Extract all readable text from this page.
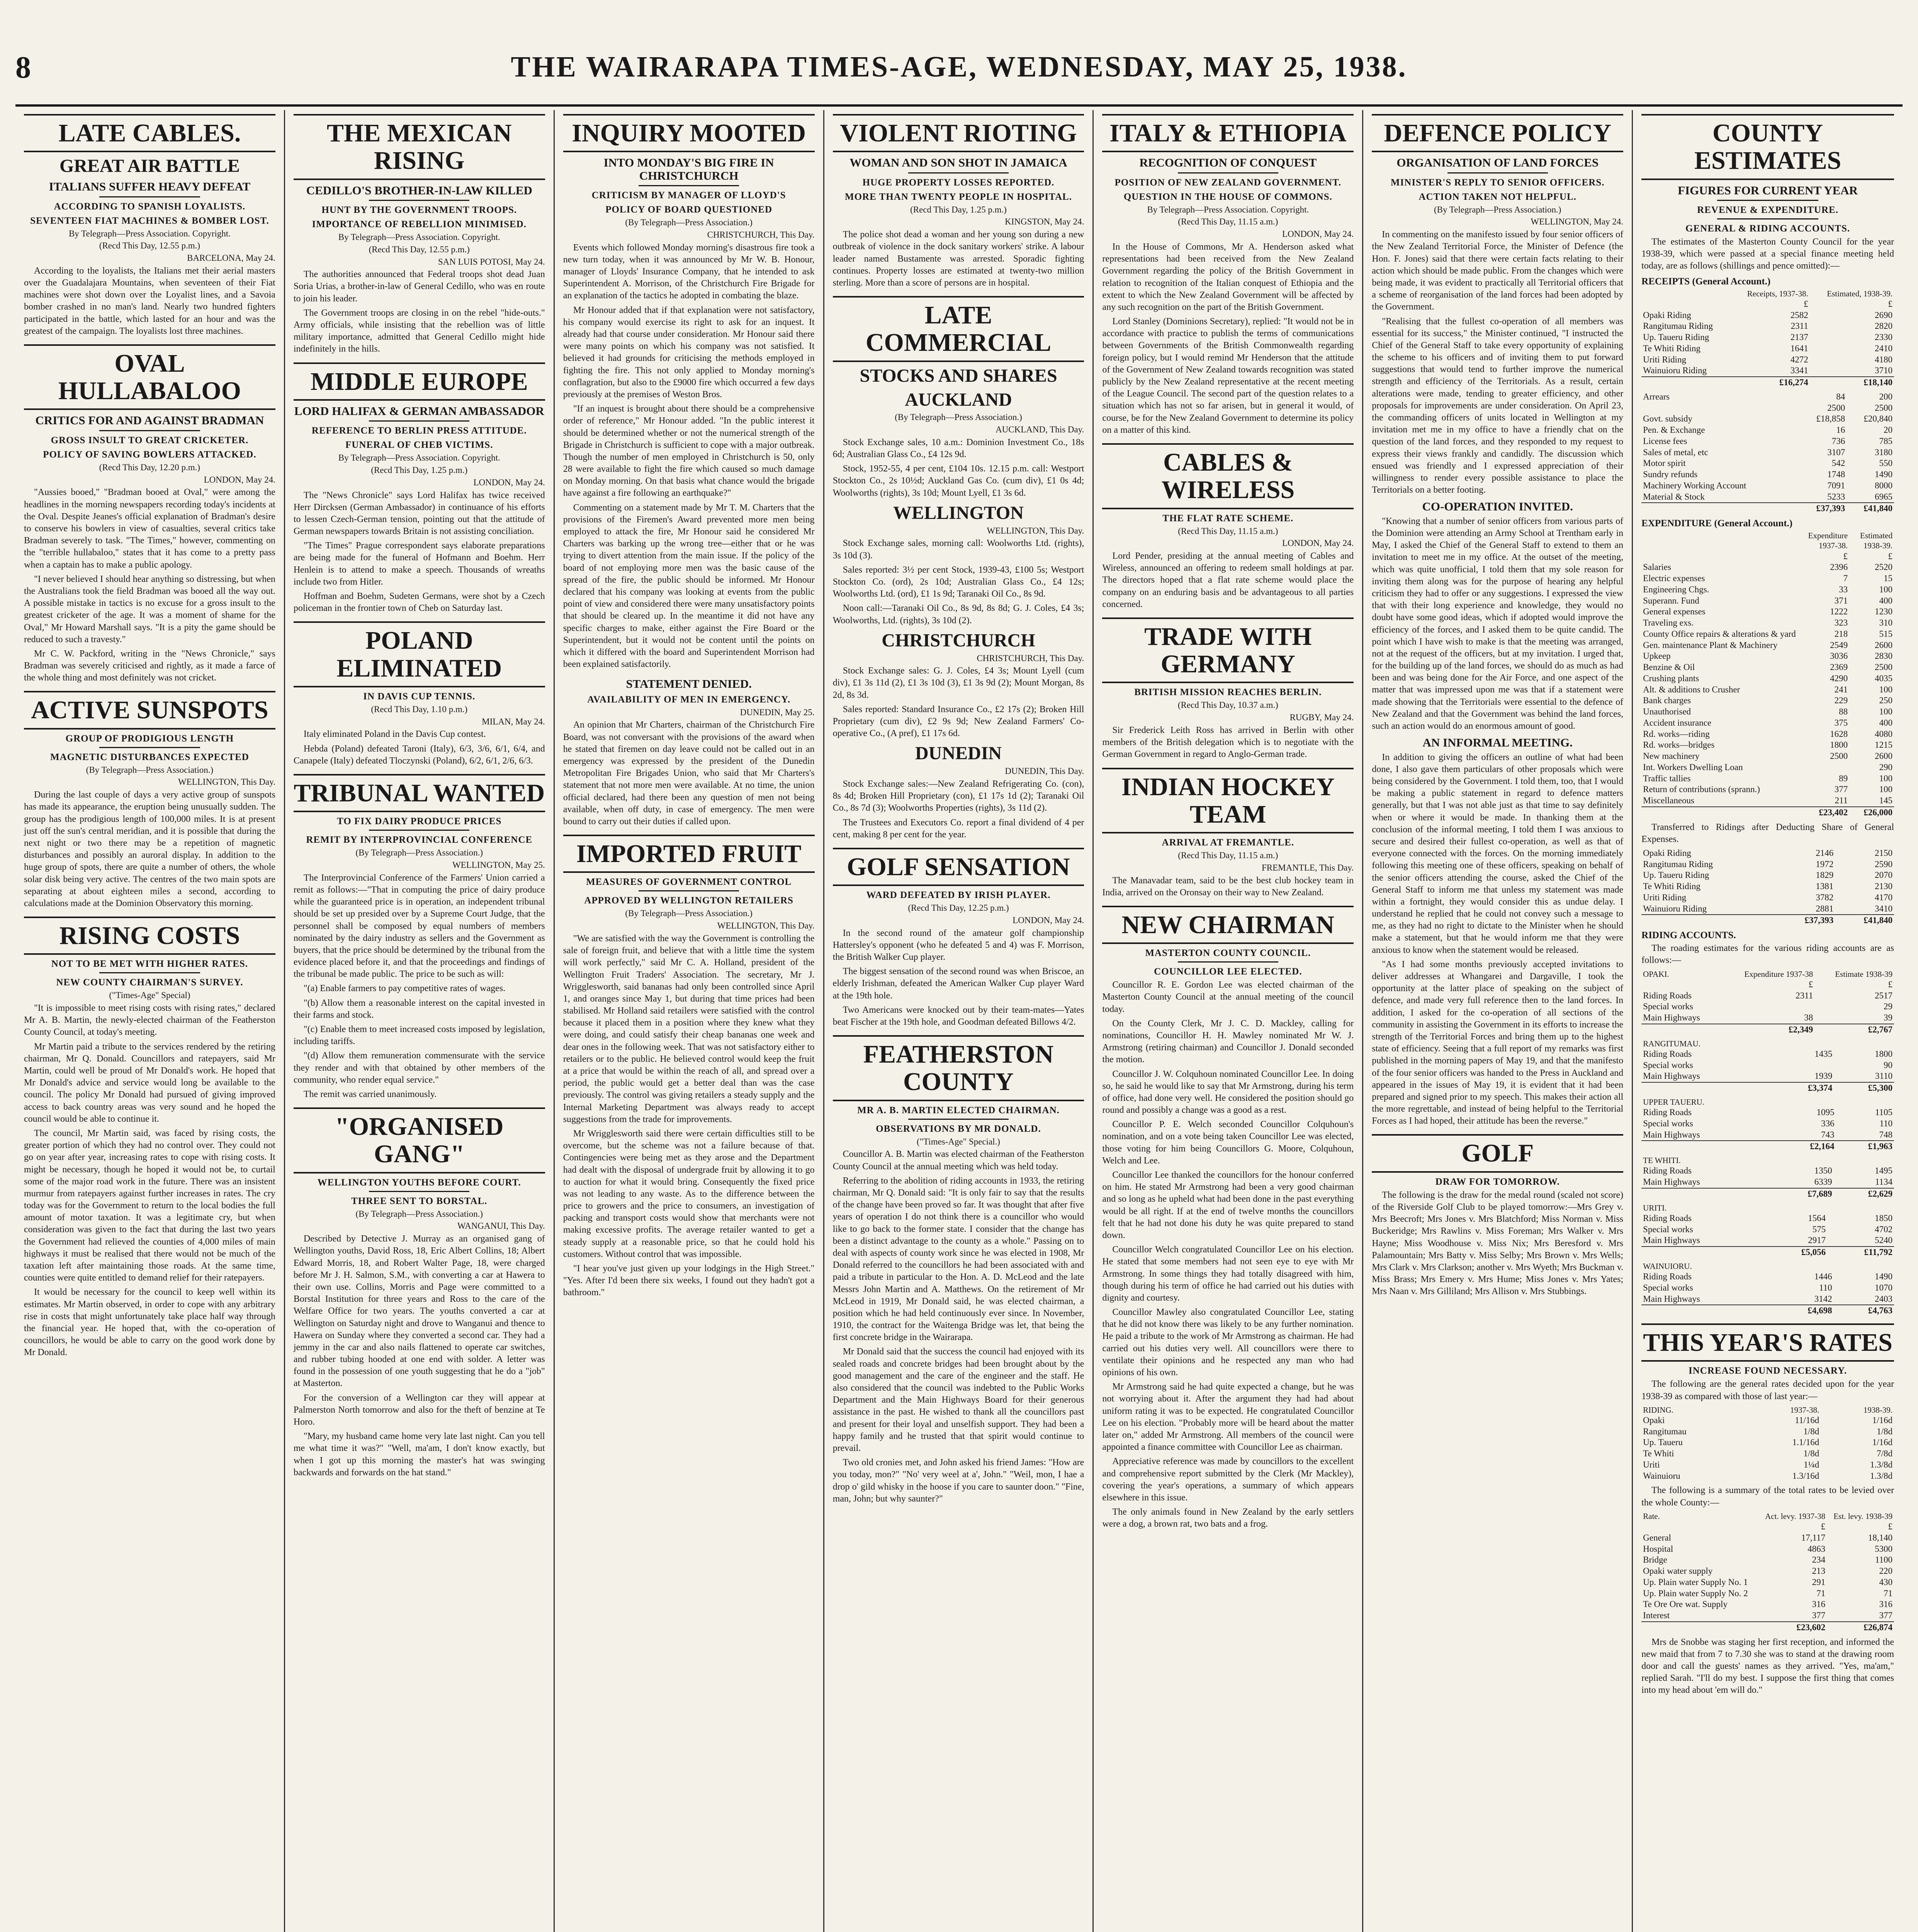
8	THE WAIRARAPA TIMES-AGE, WEDNESDAY, MAY 25, 1938.
LATE CABLES.
GREAT AIR BATTLE
ITALIANS SUFFER HEAVY DEFEAT
ACCORDING TO SPANISH LOYALISTS.
SEVENTEEN FIAT MACHINES & BOMBER LOST.
By Telegraph—Press Association. Copyright.
(Recd This Day, 12.55 p.m.)
BARCELONA, May 24.
According to the loyalists, the Italians met their aerial masters over the Guadalajara Mountains, when seventeen of their Fiat machines were shot down over the Loyalist lines, and a Savoia bomber crashed in no man's land. Nearly two hundred fighters participated in the battle, which lasted for an hour and was the greatest of the campaign. The loyalists lost three machines.
OVAL HULLABALOO
CRITICS FOR AND AGAINST BRADMAN
GROSS INSULT TO GREAT CRICKETER.
POLICY OF SAVING BOWLERS ATTACKED.
(Recd This Day, 12.20 p.m.)
LONDON, May 24.
"Aussies booed," "Bradman booed at Oval," were among the headlines in the morning newspapers recording today's incidents at the Oval. Despite Jeanes's official explanation of Bradman's desire to conserve his bowlers in view of casualties, several critics take Bradman severely to task. "The Times," however, commenting on the "terrible hullabaloo," states that it has come to a pretty pass when a captain has to make a public apology.
"I never believed I should hear anything so distressing, but when the Australians took the field Bradman was booed all the way out. A possible mistake in tactics is no excuse for a gross insult to the greatest cricketer of the age. It was a moment of shame for the Oval," Mr Howard Marshall says. "It is a pity the game should be reduced to such a travesty."
Mr C. W. Packford, writing in the "News Chronicle," says Bradman was severely criticised and rightly, as it made a farce of the whole thing and most definitely was not cricket.
ACTIVE SUNSPOTS
GROUP OF PRODIGIOUS LENGTH
MAGNETIC DISTURBANCES EXPECTED
(By Telegraph—Press Association.)
WELLINGTON, This Day.
During the last couple of days a very active group of sunspots has made its appearance, the eruption being unusually sudden. The group has the prodigious length of 100,000 miles. It is at present just off the sun's central meridian, and it is possible that during the next night or two there may be a repetition of magnetic disturbances and possibly an auroral display. In addition to the huge group of spots, there are quite a number of others, the whole solar disk being very active. The centres of the two main spots are separating at about eighteen miles a second, according to calculations made at the Dominion Observatory this morning.
RISING COSTS
NOT TO BE MET WITH HIGHER RATES.
NEW COUNTY CHAIRMAN'S SURVEY.
("Times-Age" Special)
"It is impossible to meet rising costs with rising rates," declared Mr A. B. Martin, the newly-elected chairman of the Featherston County Council, at today's meeting.
Mr Martin paid a tribute to the services rendered by the retiring chairman, Mr Q. Donald. Councillors and ratepayers, said Mr Martin, could well be proud of Mr Donald's work. He hoped that Mr Donald's advice and service would long be available to the council. The policy Mr Donald had pursued of giving improved access to back country areas was very sound and he hoped the council would be able to continue it.
The council, Mr Martin said, was faced by rising costs, the greater portion of which they had no control over. They could not go on year after year, increasing rates to cope with rising costs. It might be necessary, though he hoped it would not be, to curtail some of the major road work in the future. There was an insistent murmur from ratepayers against further increases in rates. The cry today was for the Government to return to the local bodies the full amount of motor taxation. It was a legitimate cry, but when consideration was given to the fact that during the last two years the Government had relieved the counties of 4,000 miles of main highways it must be realised that there would not be much of the taxation left after maintaining those roads. At the same time, counties were quite entitled to demand relief for their ratepayers.
It would be necessary for the council to keep well within its estimates. Mr Martin observed, in order to cope with any arbitrary rise in costs that might unfortunately take place half way through the financial year. He hoped that, with the co-operation of councillors, he would be able to carry on the good work done by Mr Donald.
THE MEXICAN RISING
CEDILLO'S BROTHER-IN-LAW KILLED
HUNT BY THE GOVERNMENT TROOPS.
IMPORTANCE OF REBELLION MINIMISED.
By Telegraph—Press Association. Copyright.
(Recd This Day, 12.55 p.m.)
SAN LUIS POTOSI, May 24.
The authorities announced that Federal troops shot dead Juan Soria Urias, a brother-in-law of General Cedillo, who was en route to join his leader.
The Government troops are closing in on the rebel "hide-outs." Army officials, while insisting that the rebellion was of little military importance, admitted that General Cedillo might hide indefinitely in the hills.
MIDDLE EUROPE
LORD HALIFAX & GERMAN AMBASSADOR
REFERENCE TO BERLIN PRESS ATTITUDE.
FUNERAL OF CHEB VICTIMS.
By Telegraph—Press Association. Copyright.
(Recd This Day, 1.25 p.m.)
LONDON, May 24.
The "News Chronicle" says Lord Halifax has twice received Herr Dircksen (German Ambassador) in continuance of his efforts to lessen Czech-German tension, pointing out that the attitude of German newspapers towards Britain is not assisting conciliation.
"The Times" Prague correspondent says elaborate preparations are being made for the funeral of Hofmann and Boehm. Herr Henlein is to attend to make a speech. Thousands of wreaths include two from Hitler.
Hoffman and Boehm, Sudeten Germans, were shot by a Czech policeman in the frontier town of Cheb on Saturday last.
POLAND ELIMINATED
IN DAVIS CUP TENNIS.
(Recd This Day, 1.10 p.m.)
MILAN, May 24.
Italy eliminated Poland in the Davis Cup contest.
Hebda (Poland) defeated Taroni (Italy), 6/3, 3/6, 6/1, 6/4, and Canapele (Italy) defeated Tloczynski (Poland), 6/2, 6/1, 2/6, 6/3.
TRIBUNAL WANTED
TO FIX DAIRY PRODUCE PRICES
REMIT BY INTERPROVINCIAL CONFERENCE
(By Telegraph—Press Association.)
WELLINGTON, May 25.
The Interprovincial Conference of the Farmers' Union carried a remit as follows:—"That in computing the price of dairy produce while the guaranteed price is in operation, an independent tribunal should be set up presided over by a Supreme Court Judge, that the personnel shall be composed by equal numbers of members nominated by the dairy industry as sellers and the Government as buyers, that the price should be determined by the tribunal from the evidence placed before it, and that the proceedings and findings of the tribunal be made public. The price to be such as will:
"(a) Enable farmers to pay competitive rates of wages.
"(b) Allow them a reasonable interest on the capital invested in their farms and stock.
"(c) Enable them to meet increased costs imposed by legislation, including tariffs.
"(d) Allow them remuneration commensurate with the service they render and with that obtained by other members of the community, who render equal service."
The remit was carried unanimously.
"ORGANISED GANG"
WELLINGTON YOUTHS BEFORE COURT.
THREE SENT TO BORSTAL.
(By Telegraph—Press Association.)
WANGANUI, This Day.
Described by Detective J. Murray as an organised gang of Wellington youths, David Ross, 18, Eric Albert Collins, 18; Albert Edward Morris, 18, and Robert Walter Page, 18, were charged before Mr J. H. Salmon, S.M., with converting a car at Hawera to their own use. Collins, Morris and Page were committed to a Borstal Institution for three years and Ross to the care of the Welfare Office for two years. The youths converted a car at Wellington on Saturday night and drove to Wanganui and thence to Hawera on Sunday where they converted a second car. They had a jemmy in the car and also nails flattened to operate car switches, and rubber tubing hooded at one end with solder. A letter was found in the possession of one youth suggesting that he do a "job" at Masterton.
For the conversion of a Wellington car they will appear at Palmerston North tomorrow and also for the theft of benzine at Te Horo.
"Mary, my husband came home very late last night. Can you tell me what time it was?" "Well, ma'am, I don't know exactly, but when I got up this morning the master's hat was swinging backwards and forwards on the hat stand."
INQUIRY MOOTED
INTO MONDAY'S BIG FIRE IN CHRISTCHURCH
CRITICISM BY MANAGER OF LLOYD'S
POLICY OF BOARD QUESTIONED
(By Telegraph—Press Association.)
CHRISTCHURCH, This Day.
Events which followed Monday morning's disastrous fire took a new turn today, when it was announced by Mr W. B. Honour, manager of Lloyds' Insurance Company, that he intended to ask Superintendent A. Morrison, of the Christchurch Fire Brigade for an explanation of the tactics he adopted in combating the blaze.
Mr Honour added that if that explanation were not satisfactory, his company would exercise its right to ask for an inquest. It already had that course under consideration. Mr Honour said there were many points on which his company was not satisfied. It believed it had grounds for criticising the methods employed in fighting the fire. This not only applied to Monday morning's conflagration, but also to the £9000 fire which occurred a few days previously at the premises of Weston Bros.
"If an inquest is brought about there should be a comprehensive order of reference," Mr Honour added. "In the public interest it should be determined whether or not the numerical strength of the Brigade in Christchurch is sufficient to cope with a major outbreak. Though the number of men employed in Christchurch is 50, only 28 were available to fight the fire which caused so much damage on Monday morning. On that basis what chance would the brigade have against a fire following an earthquake?"
Commenting on a statement made by Mr T. M. Charters that the provisions of the Firemen's Award prevented more men being employed to attack the fire, Mr Honour said he considered Mr Charters was barking up the wrong tree—either that or he was trying to divert attention from the main issue. If the policy of the board of not employing more men was the basic cause of the spread of the fire, the public should be informed. Mr Honour declared that his company was looking at events from the public point of view and considered there were many unsatisfactory points that should be cleared up. In the meantime it did not have any specific charges to make, either against the Fire Board or the Superintendent, but it would not be content until the points on which it differed with the board and Superintendent Morrison had been explained satisfactorily.
STATEMENT DENIED.
AVAILABILITY OF MEN IN EMERGENCY.
DUNEDIN, May 25.
An opinion that Mr Charters, chairman of the Christchurch Fire Board, was not conversant with the provisions of the award when he stated that firemen on day leave could not be called out in an emergency was expressed by the president of the Dunedin Metropolitan Fire Brigades Union, who said that Mr Charters's statement that not more men were available. At no time, the union official declared, had there been any question of men not being available, when off duty, in case of emergency. The men were bound to carry out their duties if called upon.
IMPORTED FRUIT
MEASURES OF GOVERNMENT CONTROL
APPROVED BY WELLINGTON RETAILERS
(By Telegraph—Press Association.)
WELLINGTON, This Day.
"We are satisfied with the way the Government is controlling the sale of foreign fruit, and believe that with a little time the system will work perfectly," said Mr C. A. Holland, president of the Wellington Fruit Traders' Association. The secretary, Mr J. Wrigglesworth, said bananas had only been controlled since April 1, and oranges since May 1, but during that time prices had been stabilised. Mr Holland said retailers were satisfied with the control because it placed them in a position where they knew what they were doing, and could satisfy their cheap bananas one week and dear ones in the following week. That was not satisfactory either to retailers or to the public. He believed control would keep the fruit at a price that would be within the reach of all, and spread over a period, the public would get a better deal than was the case previously. The control was giving retailers a steady supply and the Internal Marketing Department was always ready to accept suggestions from the trade for improvements.
Mr Wrigglesworth said there were certain difficulties still to be overcome, but the scheme was not a failure because of that. Contingencies were being met as they arose and the Department had dealt with the disposal of undergrade fruit by allowing it to go to auction for what it would bring. Consequently the fixed price was not leading to any waste. As to the difference between the price to growers and the price to consumers, an investigation of packing and transport costs would show that merchants were not making excessive profits. The average retailer wanted to get a steady supply at a reasonable price, so that he could hold his customers. Without control that was impossible.
"I hear you've just given up your lodgings in the High Street." "Yes. After I'd been there six weeks, I found out they hadn't got a bathroom."
VIOLENT RIOTING
WOMAN AND SON SHOT IN JAMAICA
HUGE PROPERTY LOSSES REPORTED.
MORE THAN TWENTY PEOPLE IN HOSPITAL.
(Recd This Day, 1.25 p.m.)
KINGSTON, May 24.
The police shot dead a woman and her young son during a new outbreak of violence in the dock sanitary workers' strike. A labour leader named Bustamente was arrested. Sporadic fighting continues. Property losses are estimated at twenty-two million sterling. More than a score of persons are in hospital.
LATE COMMERCIAL
STOCKS AND SHARES
AUCKLAND
(By Telegraph—Press Association.)
AUCKLAND, This Day.
Stock Exchange sales, 10 a.m.: Dominion Investment Co., 18s 6d; Australian Glass Co., £4 12s 9d.
Stock, 1952-55, 4 per cent, £104 10s. 12.15 p.m. call: Westport Stockton Co., 2s 10½d; Auckland Gas Co. (cum div), £1 0s 4d; Woolworths (rights), 3s 10d; Mount Lyell, £1 3s 6d.
WELLINGTON
WELLINGTON, This Day.
Stock Exchange sales, morning call: Woolworths Ltd. (rights), 3s 10d (3).
Sales reported: 3½ per cent Stock, 1939-43, £100 5s; Westport Stockton Co. (ord), 2s 10d; Australian Glass Co., £4 12s; Woolworths Ltd. (ord), £1 1s 9d; Taranaki Oil Co., 8s 9d.
Noon call:—Taranaki Oil Co., 8s 9d, 8s 8d; G. J. Coles, £4 3s; Woolworths, Ltd. (rights), 3s 10d (2).
CHRISTCHURCH
CHRISTCHURCH, This Day.
Stock Exchange sales: G. J. Coles, £4 3s; Mount Lyell (cum div), £1 3s 11d (2), £1 3s 10d (3), £1 3s 9d (2); Mount Morgan, 8s 2d, 8s 3d.
Sales reported: Standard Insurance Co., £2 17s (2); Broken Hill Proprietary (cum div), £2 9s 9d; New Zealand Farmers' Co-operative Co., (A pref), £1 17s 6d.
DUNEDIN
DUNEDIN, This Day.
Stock Exchange sales:—New Zealand Refrigerating Co. (con), 8s 4d; Broken Hill Proprietary (con), £1 17s 1d (2); Taranaki Oil Co., 8s 7d (3); Woolworths Properties (rights), 3s 11d (2).
The Trustees and Executors Co. report a final dividend of 4 per cent, making 8 per cent for the year.
GOLF SENSATION
WARD DEFEATED BY IRISH PLAYER.
(Recd This Day, 12.25 p.m.)
LONDON, May 24.
In the second round of the amateur golf championship Hattersley's opponent (who he defeated 5 and 4) was F. Morrison, the British Walker Cup player.
The biggest sensation of the second round was when Briscoe, an elderly Irishman, defeated the American Walker Cup player Ward at the 19th hole.
Two Americans were knocked out by their team-mates—Yates beat Fischer at the 19th hole, and Goodman defeated Billows 4/2.
FEATHERSTON COUNTY
MR A. B. MARTIN ELECTED CHAIRMAN.
OBSERVATIONS BY MR DONALD.
("Times-Age" Special.)
Councillor A. B. Martin was elected chairman of the Featherston County Council at the annual meeting which was held today.
Referring to the abolition of riding accounts in 1933, the retiring chairman, Mr Q. Donald said: "It is only fair to say that the results of the change have been proved so far. It was thought that after five years of operation I do not think there is a councillor who would like to go back to the former state. I consider that the change has been a distinct advantage to the county as a whole." Passing on to deal with aspects of county work since he was elected in 1908, Mr Donald referred to the councillors he had been associated with and paid a tribute in particular to the Hon. A. D. McLeod and the late Messrs John Martin and A. Matthews. On the retirement of Mr McLeod in 1919, Mr Donald said, he was elected chairman, a position which he had held continuously ever since. In November, 1910, the contract for the Waitenga Bridge was let, that being the first concrete bridge in the Wairarapa.
Mr Donald said that the success the council had enjoyed with its sealed roads and concrete bridges had been brought about by the good management and the care of the engineer and the staff. He also considered that the council was indebted to the Public Works Department and the Main Highways Board for their generous assistance in the past. He wished to thank all the councillors past and present for their loyal and unselfish support. They had been a happy family and he trusted that that spirit would continue to prevail.
Two old cronies met, and John asked his friend James: "How are you today, mon?" "No' very weel at a', John." "Weil, mon, I hae a drop o' gild whisky in the hoose if you care to saunter doon." "Fine, man, John; but why saunter?"
ITALY & ETHIOPIA
RECOGNITION OF CONQUEST
POSITION OF NEW ZEALAND GOVERNMENT.
QUESTION IN THE HOUSE OF COMMONS.
By Telegraph—Press Association. Copyright.
(Recd This Day, 11.15 a.m.)
LONDON, May 24.
In the House of Commons, Mr A. Henderson asked what representations had been received from the New Zealand Government regarding the policy of the British Government in relation to recognition of the Italian conquest of Ethiopia and the extent to which the New Zealand Government will be affected by any such recognition on the part of the British Government.
Lord Stanley (Dominions Secretary), replied: "It would not be in accordance with practice to publish the terms of communications between Governments of the British Commonwealth regarding foreign policy, but I would remind Mr Henderson that the attitude of the Government of New Zealand towards recognition was stated publicly by the New Zealand representative at the recent meeting of the League Council. The second part of the question relates to a situation which has not so far arisen, but in general it would, of course, be for the New Zealand Government to determine its policy on a matter of this kind.
CABLES & WIRELESS
THE FLAT RATE SCHEME.
(Recd This Day, 11.15 a.m.)
LONDON, May 24.
Lord Pender, presiding at the annual meeting of Cables and Wireless, announced an offering to redeem small holdings at par. The directors hoped that a flat rate scheme would place the company on an enduring basis and be advantageous to all parties concerned.
TRADE WITH GERMANY
BRITISH MISSION REACHES BERLIN.
(Recd This Day, 10.37 a.m.)
RUGBY, May 24.
Sir Frederick Leith Ross has arrived in Berlin with other members of the British delegation which is to negotiate with the German Government in regard to Anglo-German trade.
INDIAN HOCKEY TEAM
ARRIVAL AT FREMANTLE.
(Recd This Day, 11.15 a.m.)
FREMANTLE, This Day.
The Manavadar team, said to be the best club hockey team in India, arrived on the Oronsay on their way to New Zealand.
NEW CHAIRMAN
MASTERTON COUNTY COUNCIL.
COUNCILLOR LEE ELECTED.
Councillor R. E. Gordon Lee was elected chairman of the Masterton County Council at the annual meeting of the council today.
On the County Clerk, Mr J. C. D. Mackley, calling for nominations, Councillor H. H. Mawley nominated Mr W. J. Armstrong (retiring chairman) and Councillor J. Donald seconded the motion.
Councillor J. W. Colquhoun nominated Councillor Lee. In doing so, he said he would like to say that Mr Armstrong, during his term of office, had done very well. He considered the position should go round and possibly a change was a good as a rest.
Councillor P. E. Welch seconded Councillor Colquhoun's nomination, and on a vote being taken Councillor Lee was elected, those voting for him being Councillors G. Moore, Colquhoun, Welch and Lee.
Councillor Lee thanked the councillors for the honour conferred on him. He stated Mr Armstrong had been a very good chairman and so long as he upheld what had been done in the past everything would be all right. If at the end of twelve months the councillors felt that he had not done his duty he was quite prepared to stand down.
Councillor Welch congratulated Councillor Lee on his election. He stated that some members had not seen eye to eye with Mr Armstrong. In some things they had totally disagreed with him, though during his term of office he had carried out his duties with dignity and courtesy.
Councillor Mawley also congratulated Councillor Lee, stating that he did not know there was likely to be any further nomination. He paid a tribute to the work of Mr Armstrong as chairman. He had carried out his duties very well. All councillors were there to ventilate their opinions and he respected any man who had opinions of his own.
Mr Armstrong said he had quite expected a change, but he was not worrying about it. After the argument they had had about uniform rating it was to be expected. He congratulated Councillor Lee on his election. "Probably more will be heard about the matter later on," added Mr Armstrong. All members of the council were appointed a finance committee with Councillor Lee as chairman.
Appreciative reference was made by councillors to the excellent and comprehensive report submitted by the Clerk (Mr Mackley), covering the year's operations, a summary of which appears elsewhere in this issue.
The only animals found in New Zealand by the early settlers were a dog, a brown rat, two bats and a frog.
DEFENCE POLICY
ORGANISATION OF LAND FORCES
MINISTER'S REPLY TO SENIOR OFFICERS.
ACTION TAKEN NOT HELPFUL.
(By Telegraph—Press Association.)
WELLINGTON, May 24.
In commenting on the manifesto issued by four senior officers of the New Zealand Territorial Force, the Minister of Defence (the Hon. F. Jones) said that there were certain facts relating to their action which should be made public. From the changes which were being made, it was evident to practically all Territorial officers that a scheme of reorganisation of the land forces had been adopted by the Government.
"Realising that the fullest co-operation of all members was essential for its success," the Minister continued, "I instructed the Chief of the General Staff to take every opportunity of explaining the scheme to his officers and of inviting them to put forward suggestions that would tend to further improve the numerical strength and efficiency of the Territorials. As a result, certain alterations were made, tending to greater efficiency, and other proposals for improvements are under consideration. On April 23, the commanding officers of units located in Wellington at my invitation met me in my office to have a friendly chat on the question of the land forces, and they responded to my request to express their views frankly and candidly. The discussion which ensued was friendly and I expressed appreciation of their willingness to render every possible assistance to place the Territorials on a better footing.
CO-OPERATION INVITED.
"Knowing that a number of senior officers from various parts of the Dominion were attending an Army School at Trentham early in May, I asked the Chief of the General Staff to extend to them an invitation to meet me in my office. At the outset of the meeting, which was quite unofficial, I told them that my sole reason for inviting them along was for the purpose of hearing any helpful criticism they had to offer or any suggestions. I expressed the view that with their long experience and knowledge, they would no doubt have some good ideas, which if adopted would improve the efficiency of the forces, and I asked them to be quite candid. The point which I have wish to make is that the meeting was arranged, not at the request of the officers, but at my invitation. I urged that, for the building up of the land forces, we should do as much as had been and was being done for the Air Force, and one aspect of the matter that was impressed upon me was that if a statement were made showing that the Territorials were essential to the defence of New Zealand and that the Government was behind the land forces, such an action would do an enormous amount of good.
AN INFORMAL MEETING.
In addition to giving the officers an outline of what had been done, I also gave them particulars of other proposals which were being considered by the Government. I told them, too, that I would be making a public statement in regard to defence matters generally, but that I was not able just as that time to say definitely when or where it would be made. In thanking them at the conclusion of the informal meeting, I told them I was anxious to secure and desired their fullest co-operation, as well as that of everyone connected with the forces. On the morning immediately following this meeting one of these officers, speaking on behalf of the senior officers attending the course, asked the Chief of the General Staff to inform me that unless my statement was made within a fortnight, they would consider this as undue delay. I understand he replied that he could not convey such a message to me, as they had no right to dictate to the Minister when he should make a statement, but that he would inform me that they were anxious to know when the statement would be released.
"As I had some months previously accepted invitations to deliver addresses at Whangarei and Dargaville, I took the opportunity at the latter place of speaking on the subject of defence, and made very full reference then to the land forces. In addition, I asked for the co-operation of all sections of the community in assisting the Government in its efforts to increase the strength of the Territorial Forces and bring them up to the highest state of efficiency. Seeing that a full report of my remarks was first published in the morning papers of May 19, and that the manifesto of the four senior officers was handed to the Press in Auckland and appeared in the issues of May 19, it is evident that it had been prepared and signed prior to my speech. This makes their action all the more regrettable, and instead of being helpful to the Territorial Forces as I had hoped, their attitude has been the reverse."
GOLF
DRAW FOR TOMORROW.
The following is the draw for the medal round (scaled not score) of the Riverside Golf Club to be played tomorrow:—Mrs Grey v. Mrs Beecroft; Mrs Jones v. Mrs Blatchford; Miss Norman v. Miss Buckeridge; Mrs Rawlins v. Miss Foreman; Mrs Walker v. Mrs Hayne; Miss Woodhouse v. Miss Nix; Mrs Beresford v. Mrs Palamountain; Mrs Batty v. Miss Selby; Mrs Brown v. Mrs Wells; Mrs Clark v. Mrs Clarkson; another v. Mrs Wyeth; Mrs Buckman v. Miss Brass; Mrs Emery v. Mrs Hume; Miss Jones v. Mrs Yates; Mrs Naan v. Mrs Gilliland; Mrs Allison v. Mrs Stubbings.
COUNTY ESTIMATES
FIGURES FOR CURRENT YEAR
REVENUE & EXPENDITURE.
GENERAL & RIDING ACCOUNTS.
The estimates of the Masterton County Council for the year 1938-39, which were passed at a special finance meeting held today, are as follows (shillings and pence omitted):—
RECEIPTS (General Account.)
	Receipts, 1937-38.	Estimated, 1938-39.
	£	£
Opaki Riding	2582	2690
Rangitumau Riding	2311	2820
Up. Taueru Riding	2137	2330
Te Whiti Riding	1641	2410
Uriti Riding	4272	4180
Wainuioru Riding	3341	3710
	£16,274	£18,140
Arrears	84	200
	2500	2500
Govt. subsidy	£18,858	£20,840
Pen. & Exchange	16	20
License fees	736	785
Sales of metal, etc	3107	3180
Motor spirit	542	550
Sundry refunds	1748	1490
Machinery Working Account	7091	8000
Material & Stock	5233	6965
	£37,393	£41,840
EXPENDITURE (General Account.)
	Expenditure 1937-38.	Estimated 1938-39.
	£	£
Salaries	2396	2520
Electric expenses	7	15
Engineering Chgs.	33	100
Superann. Fund	371	400
General expenses	1222	1230
Traveling exs.	323	310
County Office repairs & alterations & yard	218	515
Gen. maintenance Plant & Machinery	2549	2600
Upkeep	3036	2830
Benzine & Oil	2369	2500
Crushing plants	4290	4035
Alt. & additions to Crusher	241	100
Bank charges	229	250
Unauthorised	88	100
Accident insurance	375	400
Rd. works—riding	1628	4080
Rd. works—bridges	1800	1215
New machinery	2500	2600
Int. Workers Dwelling Loan		290
Traffic tallies	89	100
Return of contributions (sprann.)	377	100
Miscellaneous	211	145
	£23,402	£26,000
Transferred to Ridings after Deducting Share of General Expenses.
Opaki Riding	2146	2150
Rangitumau Riding	1972	2590
Up. Taueru Riding	1829	2070
Te Whiti Riding	1381	2130
Uriti Riding	3782	4170
Wainuioru Riding	2881	3410
	£37,393	£41,840
RIDING ACCOUNTS.
The roading estimates for the various riding accounts are as follows:—
OPAKI.	Expenditure 1937-38	Estimate 1938-39
	£	£
Riding Roads	2311	2517
Special works		29
Main Highways	38	39
	£2,349	£2,767
RANGITUMAU.		
Riding Roads	1435	1800
Special works		90
Main Highways	1939	3110
	£3,374	£5,300
UPPER TAUERU.		
Riding Roads	1095	1105
Special works	336	110
Main Highways	743	748
	£2,164	£1,963
TE WHITI.		
Riding Roads	1350	1495
Main Highways	6339	1134
	£7,689	£2,629
URITI.		
Riding Roads	1564	1850
Special works	575	4702
Main Highways	2917	5240
	£5,056	£11,792
WAINUIORU.		
Riding Roads	1446	1490
Special works	110	1070
Main Highways	3142	2403
	£4,698	£4,763
THIS YEAR'S RATES
INCREASE FOUND NECESSARY.
The following are the general rates decided upon for the year 1938-39 as compared with those of last year:—
RIDING.	1937-38.	1938-39.
Opaki	11/16d	1/16d
Rangitumau	1/8d	1/8d
Up. Taueru	1.1/16d	1/16d
Te Whiti	1/8d	7/8d
Uriti	1¼d	1.3/8d
Wainuioru	1.3/16d	1.3/8d
The following is a summary of the total rates to be levied over the whole County:—
Rate.	Act. levy. 1937-38	Est. levy. 1938-39
	£	£
General	17,117	18,140
Hospital	4863	5300
Bridge	234	1100
Opaki water supply	213	220
Up. Plain water Supply No. 1	291	430
Up. Plain water Supply No. 2	71	71
Te Ore Ore wat. Supply	316	316
Interest	377	377
	£23,602	£26,874
Mrs de Snobbe was staging her first reception, and informed the new maid that from 7 to 7.30 she was to stand at the drawing room door and call the guests' names as they arrived. "Yes, ma'am," replied Sarah. "I'll do my best. I suppose the first thing that comes into my head about 'em will do."
